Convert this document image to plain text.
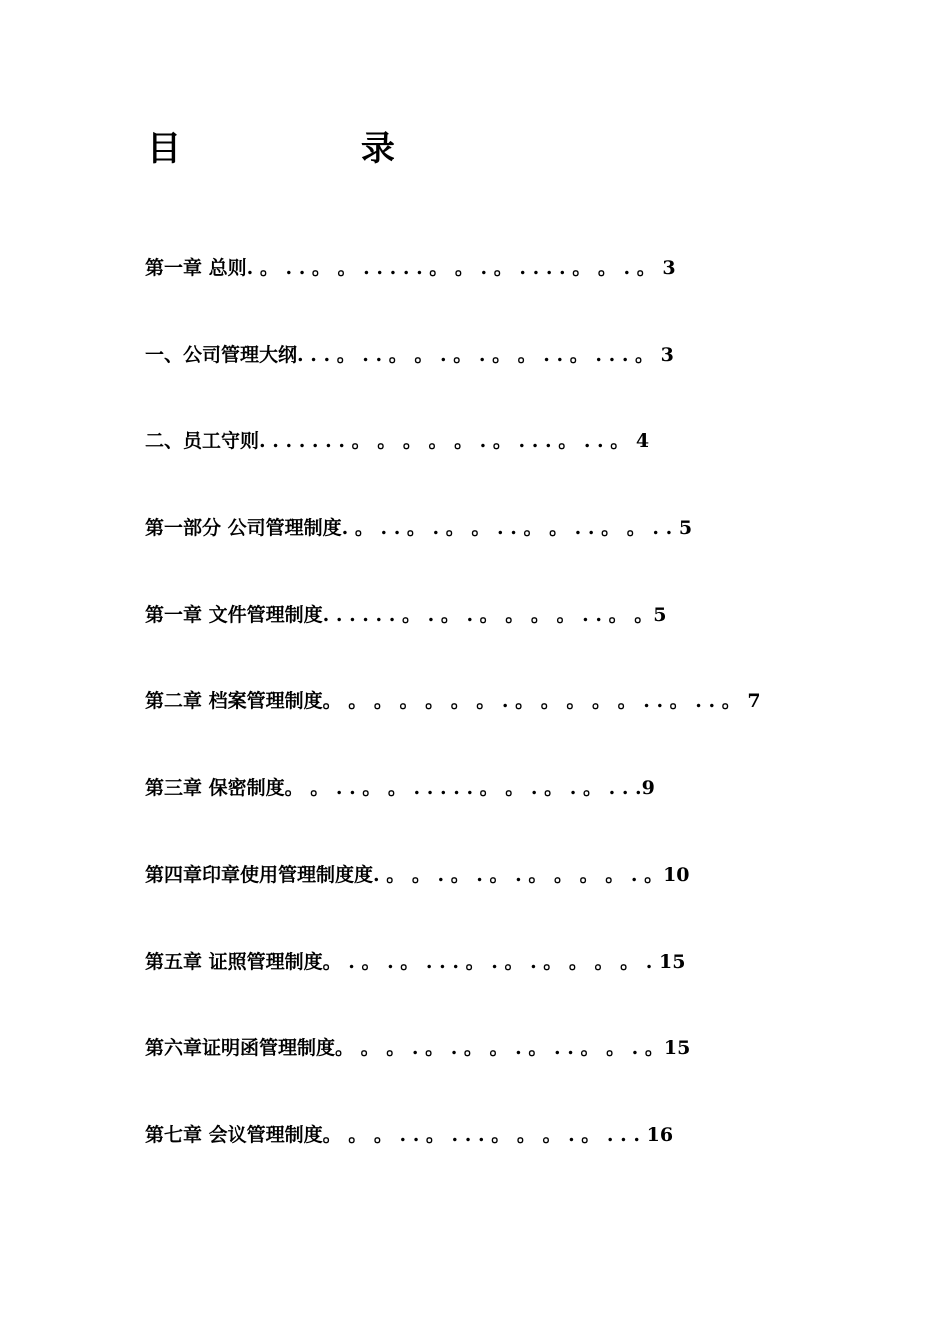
目 录
第一章 总则. 。 . . 。 。 . . . . . 。 。 . 。 . . . . 。 。 . 。 3
一、公司管理大纲. . . 。 . . 。 。 . 。 . 。 。 . . 。 . . . 。 3
二、员工守则. . . . . . . 。 。 。 。 。 . 。 . . . 。 . . 。 4
第一部分 公司管理制度. 。 . . 。 . 。 。 . . 。 。 . . 。 。 . . 5
第一章 文件管理制度. . . . . . 。 . 。 . 。 。 。 。 . . 。 。5
第二章 档案管理制度。 。 。 。 。 。 。 . 。 。 。 。 。 . . 。 . . 。 7
第三章 保密制度。 。 . . 。 。 . . . . . 。 。 . 。 . 。 . . .9
第四章印章使用管理制度度. 。 。 . 。 . 。 . 。 。 。 。 . 。10
第五章 证照管理制度。 . 。 . 。 . . . 。 . 。 . 。 。 。 。 . 15
第六章证明函管理制度。 。 。 . 。 . 。 。 . 。 . . 。 。 . 。15
第七章 会议管理制度。 。 。 . . 。 . . . 。 。 。 . 。 . . . 16
